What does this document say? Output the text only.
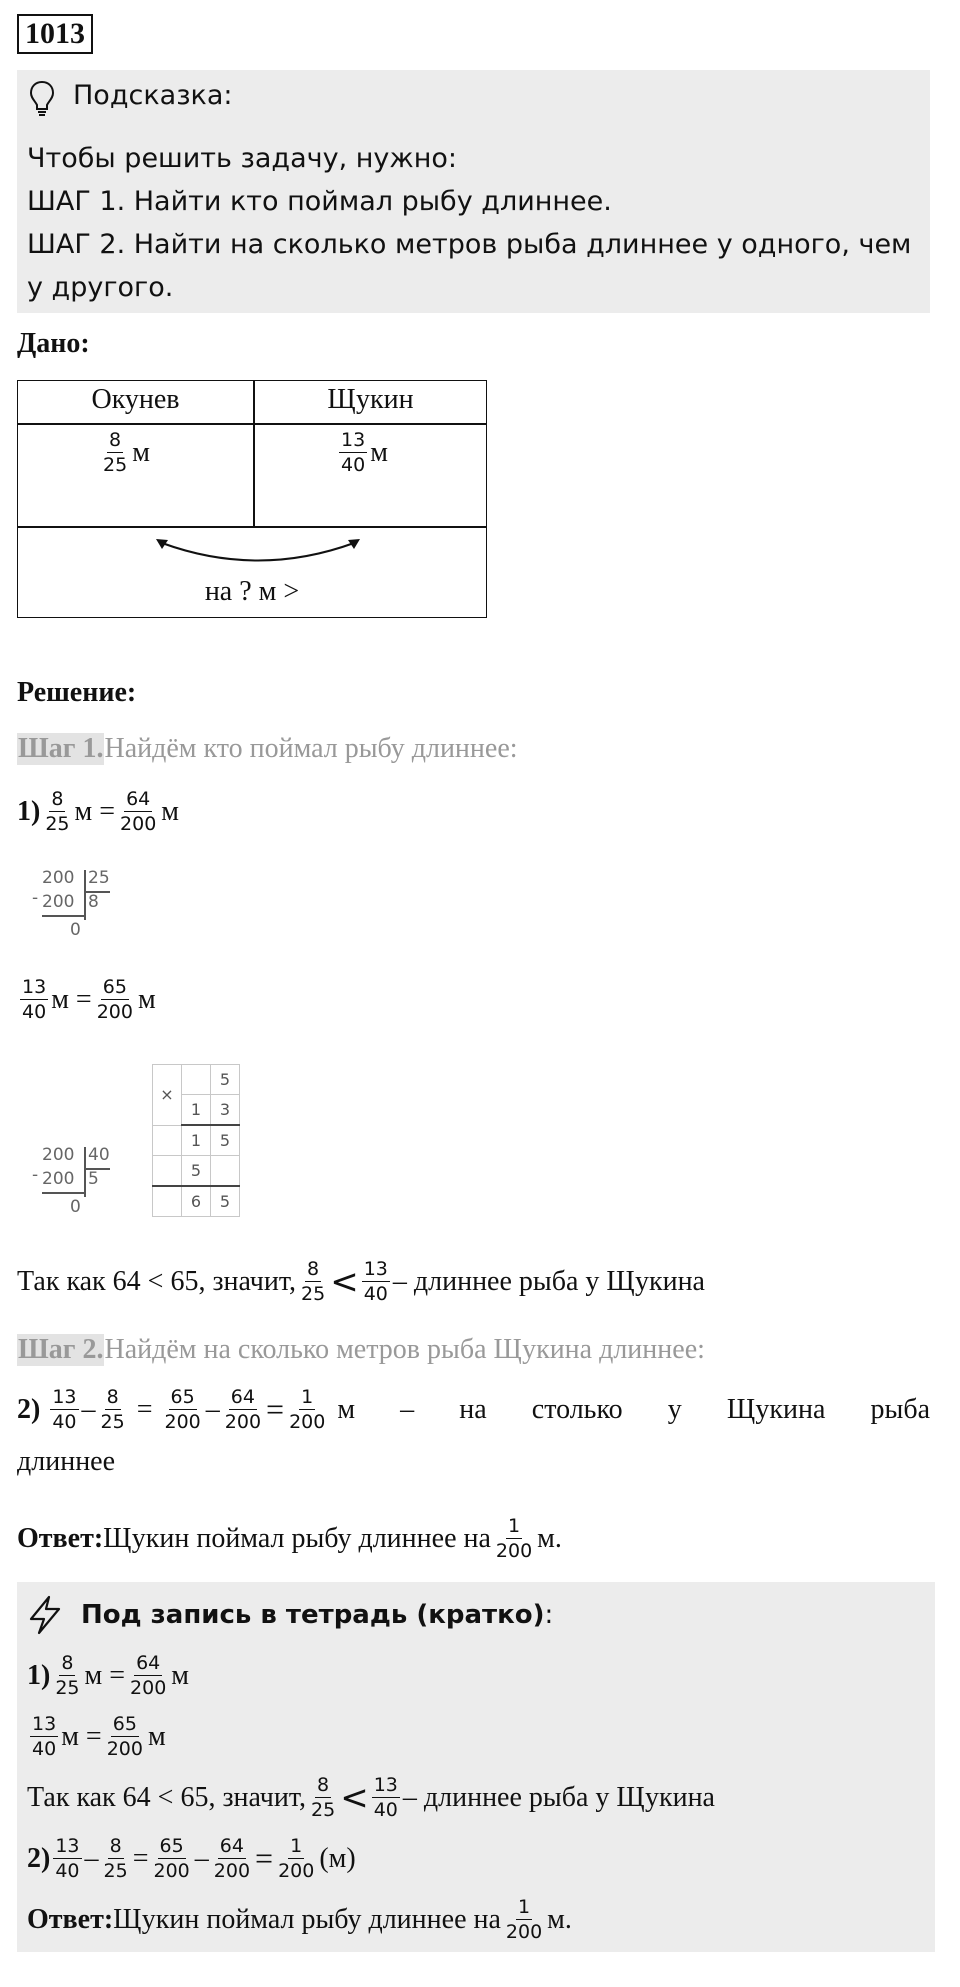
1013
Подсказка:
Чтобы решить задачу, нужно:
ШАГ 1. Найти кто поймал рыбу длиннее.
ШАГ 2. Найти на сколько метров рыба длиннее у одного, чем
у другого.
Дано:
Окунев	Щукин
$\frac{8}{25}$ м	$\frac{13}{40}$ м
на ? м >
Решение:
Шаг 1. Найдём кто поймал рыбу длиннее:
$1) \frac{8}{25}$ м
= $\frac{64}{200}$ м
-
200 25
200 8
0
$\frac{13}{40}$ м
= $\frac{65}{200}$ м
×		5
	1	3
	1	5
	5	
	6	5
-
200 40
200 5
0
Так как 64 < 65, значит, $\frac{8}{25} < \frac{13}{40}$ – длиннее рыба у Щукина
Шаг 2. Найдём на сколько метров рыба Щукина длиннее:
2)
$\frac{13}{40} - \frac{8}{25}$
=
$\frac{65}{200} - \frac{64}{200} = \frac{1}{200}$
м – на столько у Щукина рыба
длиннее
Ответ: Щукин поймал рыбу длиннее на $\frac{1}{200} м$.
Под запись в тетрадь (кратко):
$1) \frac{8}{25}$ м
= $\frac{64}{200}$ м
$\frac{13}{40}$ м
= $\frac{65}{200}$ м
Так как 64 < 65, значит, $\frac{8}{25} < \frac{13}{40}$ – длиннее рыба у Щукина
$2) \frac{13}{40} - \frac{8}{25} = \frac{65}{200} - \frac{64}{200} = \frac{1}{200} (м)$
Ответ: Щукин поймал рыбу длиннее на $\frac{1}{200} м$.
